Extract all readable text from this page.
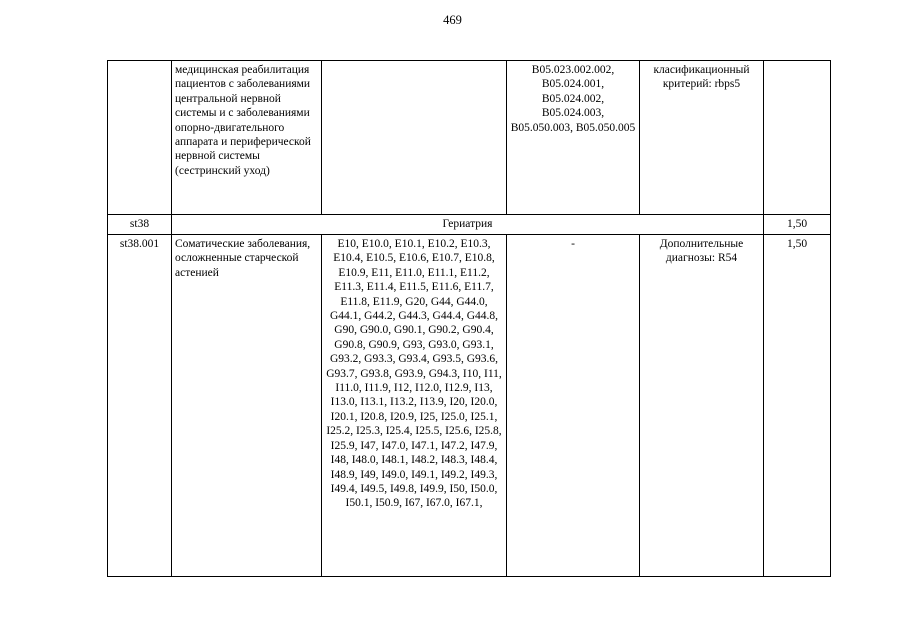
469
	медицинская реабилитация пациентов с заболеваниями центральной нервной системы и с заболеваниями опорно-двигательного аппарата и периферической нервной системы (сестринский уход)		B05.023.002.002, B05.024.001, B05.024.002, B05.024.003, B05.050.003, B05.050.005	клаcификационный критерий: rbps5	
st38	Гериатрия				1,50
st38.001	Соматические заболевания, осложненные старческой астенией	E10, E10.0, E10.1, E10.2, E10.3, E10.4, E10.5, E10.6, E10.7, E10.8, E10.9, E11, E11.0, E11.1, E11.2, E11.3, E11.4, E11.5, E11.6, E11.7, E11.8, E11.9, G20, G44, G44.0, G44.1, G44.2, G44.3, G44.4, G44.8, G90, G90.0, G90.1, G90.2, G90.4, G90.8, G90.9, G93, G93.0, G93.1, G93.2, G93.3, G93.4, G93.5, G93.6, G93.7, G93.8, G93.9, G94.3, I10, I11, I11.0, I11.9, I12, I12.0, I12.9, I13, I13.0, I13.1, I13.2, I13.9, I20, I20.0, I20.1, I20.8, I20.9, I25, I25.0, I25.1, I25.2, I25.3, I25.4, I25.5, I25.6, I25.8, I25.9, I47, I47.0, I47.1, I47.2, I47.9, I48, I48.0, I48.1, I48.2, I48.3, I48.4, I48.9, I49, I49.0, I49.1, I49.2, I49.3, I49.4, I49.5, I49.8, I49.9, I50, I50.0, I50.1, I50.9, I67, I67.0, I67.1,	-	Дополнительные диагнозы: R54	1,50
